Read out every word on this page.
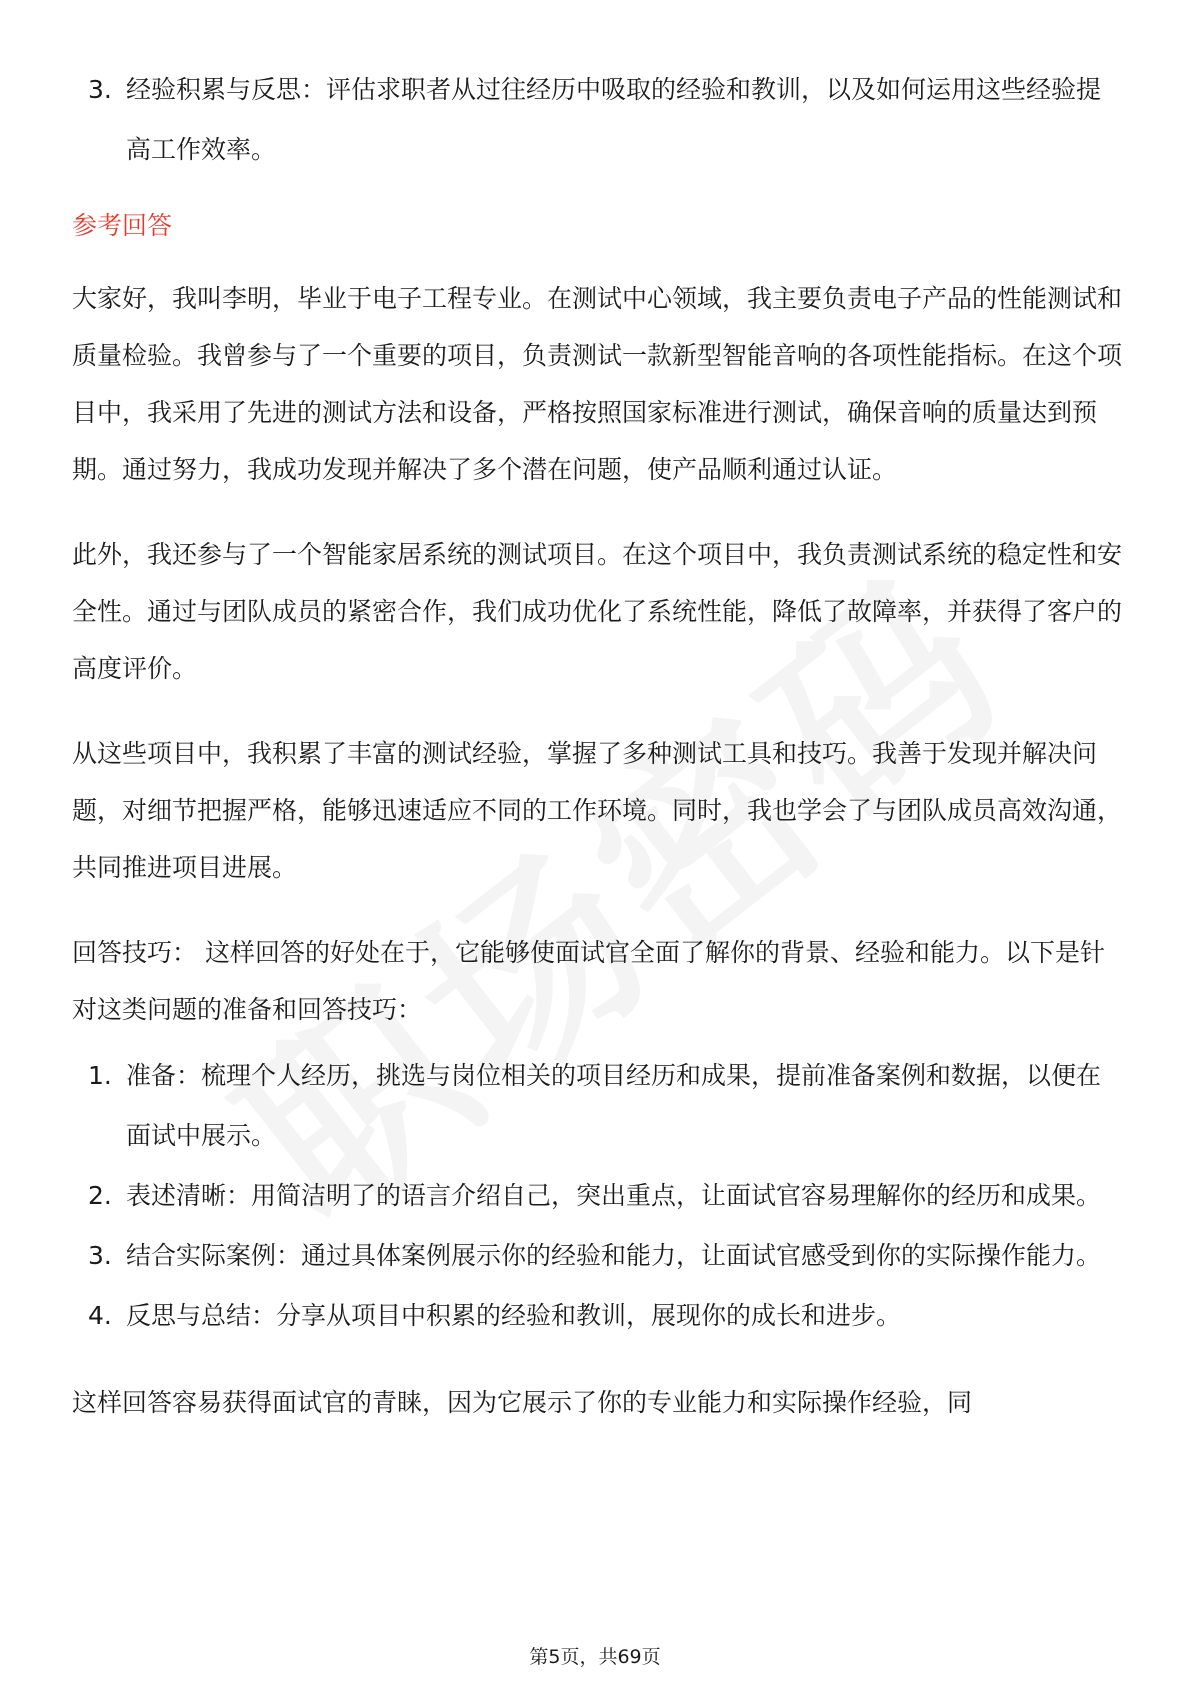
3. 经验积累与反思：评估求职者从过往经历中吸取的经验和教训，以及如何运用这些经验提高工作效率。
参考回答

大家好，我叫李明，毕业于电子工程专业。在测试中心领域，我主要负责电子产品的性能测试和质量检验。我曾参与了一个重要的项目，负责测试一款新型智能音响的各项性能指标。在这个项目中，我采用了先进的测试方法和设备，严格按照国家标准进行测试，确保音响的质量达到预期。通过努力，我成功发现并解决了多个潜在问题，使产品顺利通过认证。

此外，我还参与了一个智能家居系统的测试项目。在这个项目中，我负责测试系统的稳定性和安全性。通过与团队成员的紧密合作，我们成功优化了系统性能，降低了故障率，并获得了客户的高度评价。

从这些项目中，我积累了丰富的测试经验，掌握了多种测试工具和技巧。我善于发现并解决问题，对细节把握严格，能够迅速适应不同的工作环境。同时，我也学会了与团队成员高效沟通，共同推进项目进展。

回答技巧： 这样回答的好处在于，它能够使面试官全面了解你的背景、经验和能力。以下是针对这类问题的准备和回答技巧：

1. 准备：梳理个人经历，挑选与岗位相关的项目经历和成果，提前准备案例和数据，以便在面试中展示。
2. 表述清晰：用简洁明了的语言介绍自己，突出重点，让面试官容易理解你的经历和成果。
3. 结合实际案例：通过具体案例展示你的经验和能力，让面试官感受到你的实际操作能力。
4. 反思与总结：分享从项目中积累的经验和教训，展现你的成长和进步。

这样回答容易获得面试官的青睐，因为它展示了你的专业能力和实际操作经验，同

第5页，共69页
